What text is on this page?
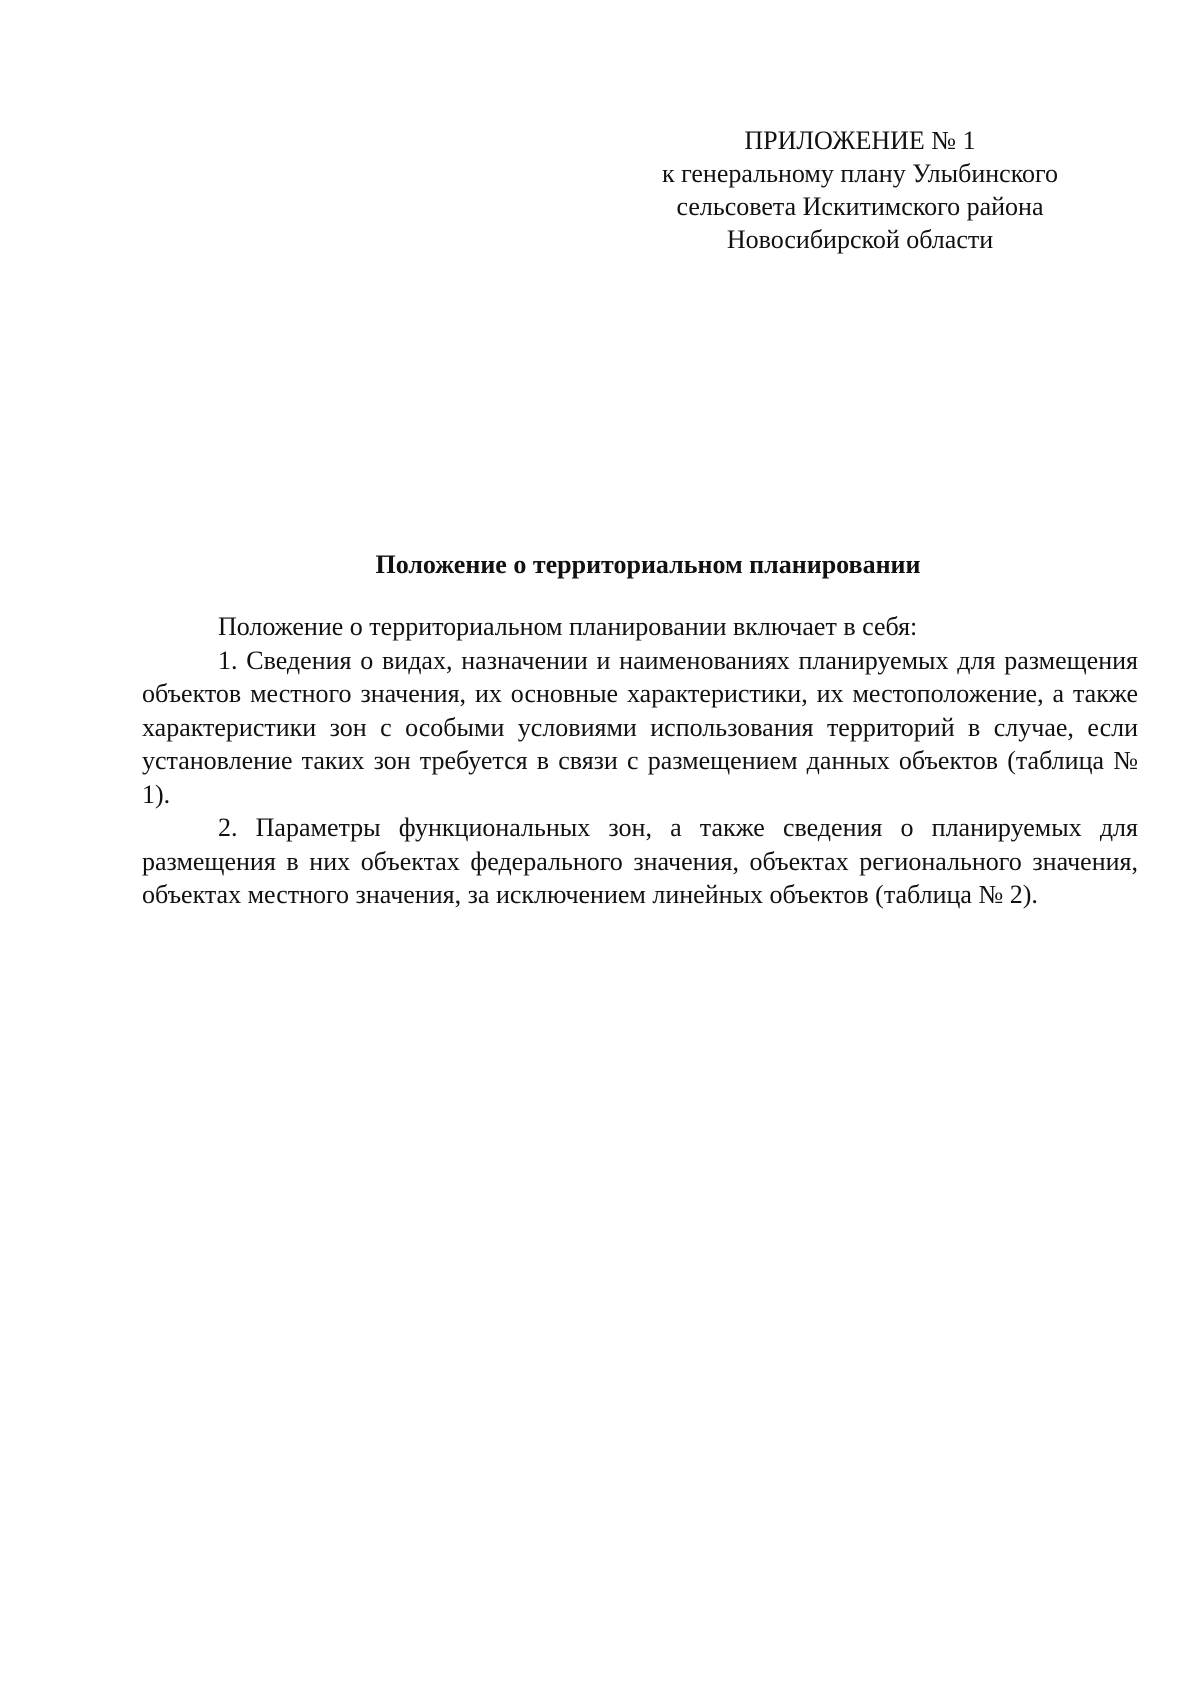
ПРИЛОЖЕНИЕ № 1
к генеральному плану Улыбинского
сельсовета Искитимского района
Новосибирской области
Положение о территориальном планировании

Положение о территориальном планировании включает в себя:

1. Сведения о видах, назначении и наименованиях планируемых для размещения объектов местного значения, их основные характеристики, их местоположение, а также характеристики зон с особыми условиями использования территорий в случае, если установление таких зон требуется в связи с размещением данных объектов (таблица № 1).

2. Параметры функциональных зон, а также сведения о планируемых для размещения в них объектах федерального значения, объектах регионального значения, объектах местного значения, за исключением линейных объектов (таблица № 2).
